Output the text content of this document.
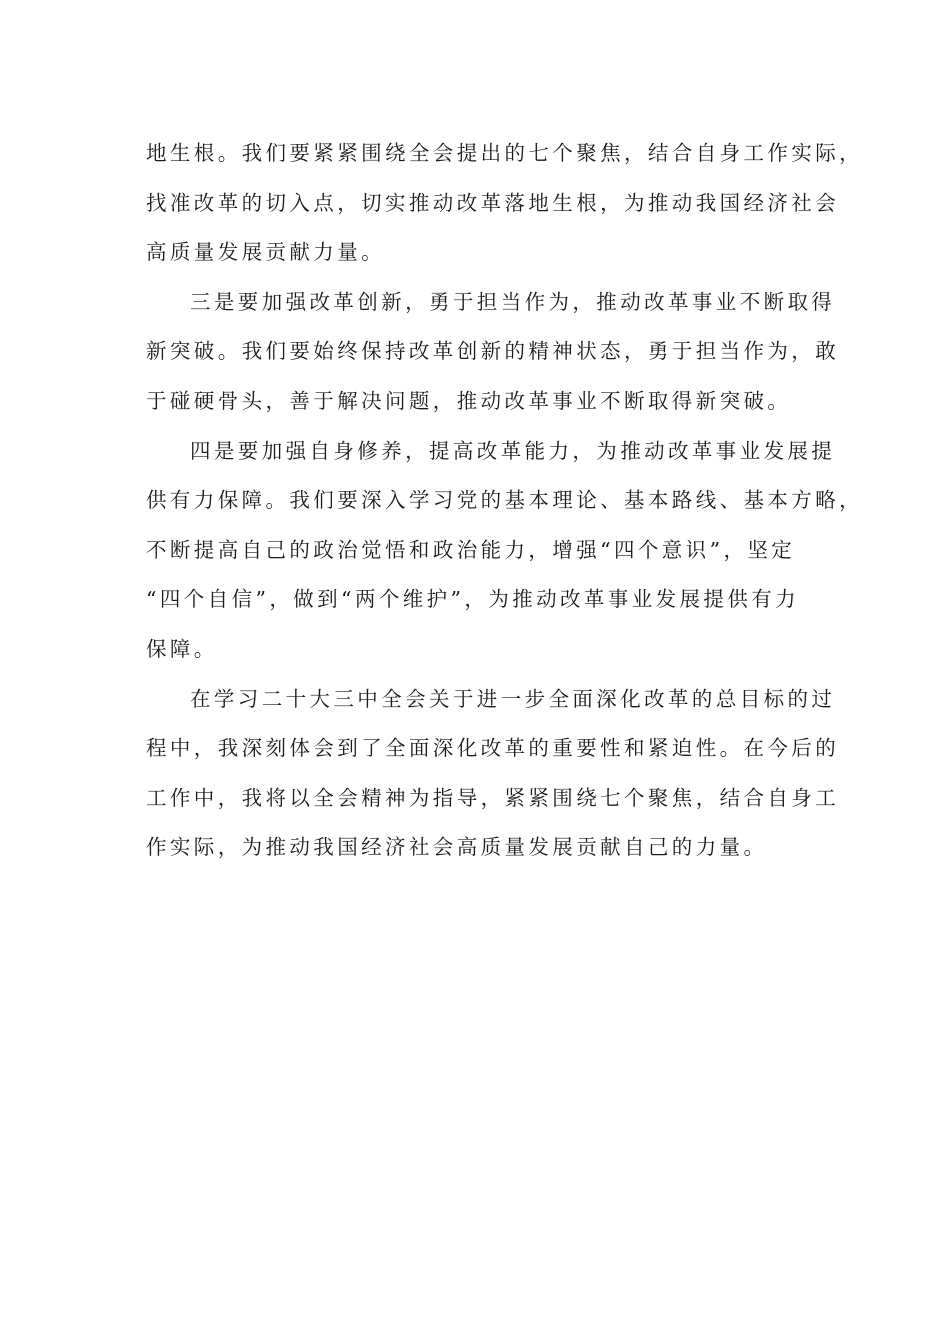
地生根。我们要紧紧围绕全会提出的七个聚焦，结合自身工作实际，
找准改革的切入点，切实推动改革落地生根，为推动我国经济社会
高质量发展贡献力量。
三是要加强改革创新，勇于担当作为，推动改革事业不断取得
新突破。我们要始终保持改革创新的精神状态，勇于担当作为，敢
于碰硬骨头，善于解决问题，推动改革事业不断取得新突破。
四是要加强自身修养，提高改革能力，为推动改革事业发展提
供有力保障。我们要深入学习党的基本理论、基本路线、基本方略，
不断提高自己的政治觉悟和政治能力，增强“四个意识”，坚定
“四个自信”，做到“两个维护”，为推动改革事业发展提供有力
保障。
在学习二十大三中全会关于进一步全面深化改革的总目标的过
程中，我深刻体会到了全面深化改革的重要性和紧迫性。在今后的
工作中，我将以全会精神为指导，紧紧围绕七个聚焦，结合自身工
作实际，为推动我国经济社会高质量发展贡献自己的力量。
